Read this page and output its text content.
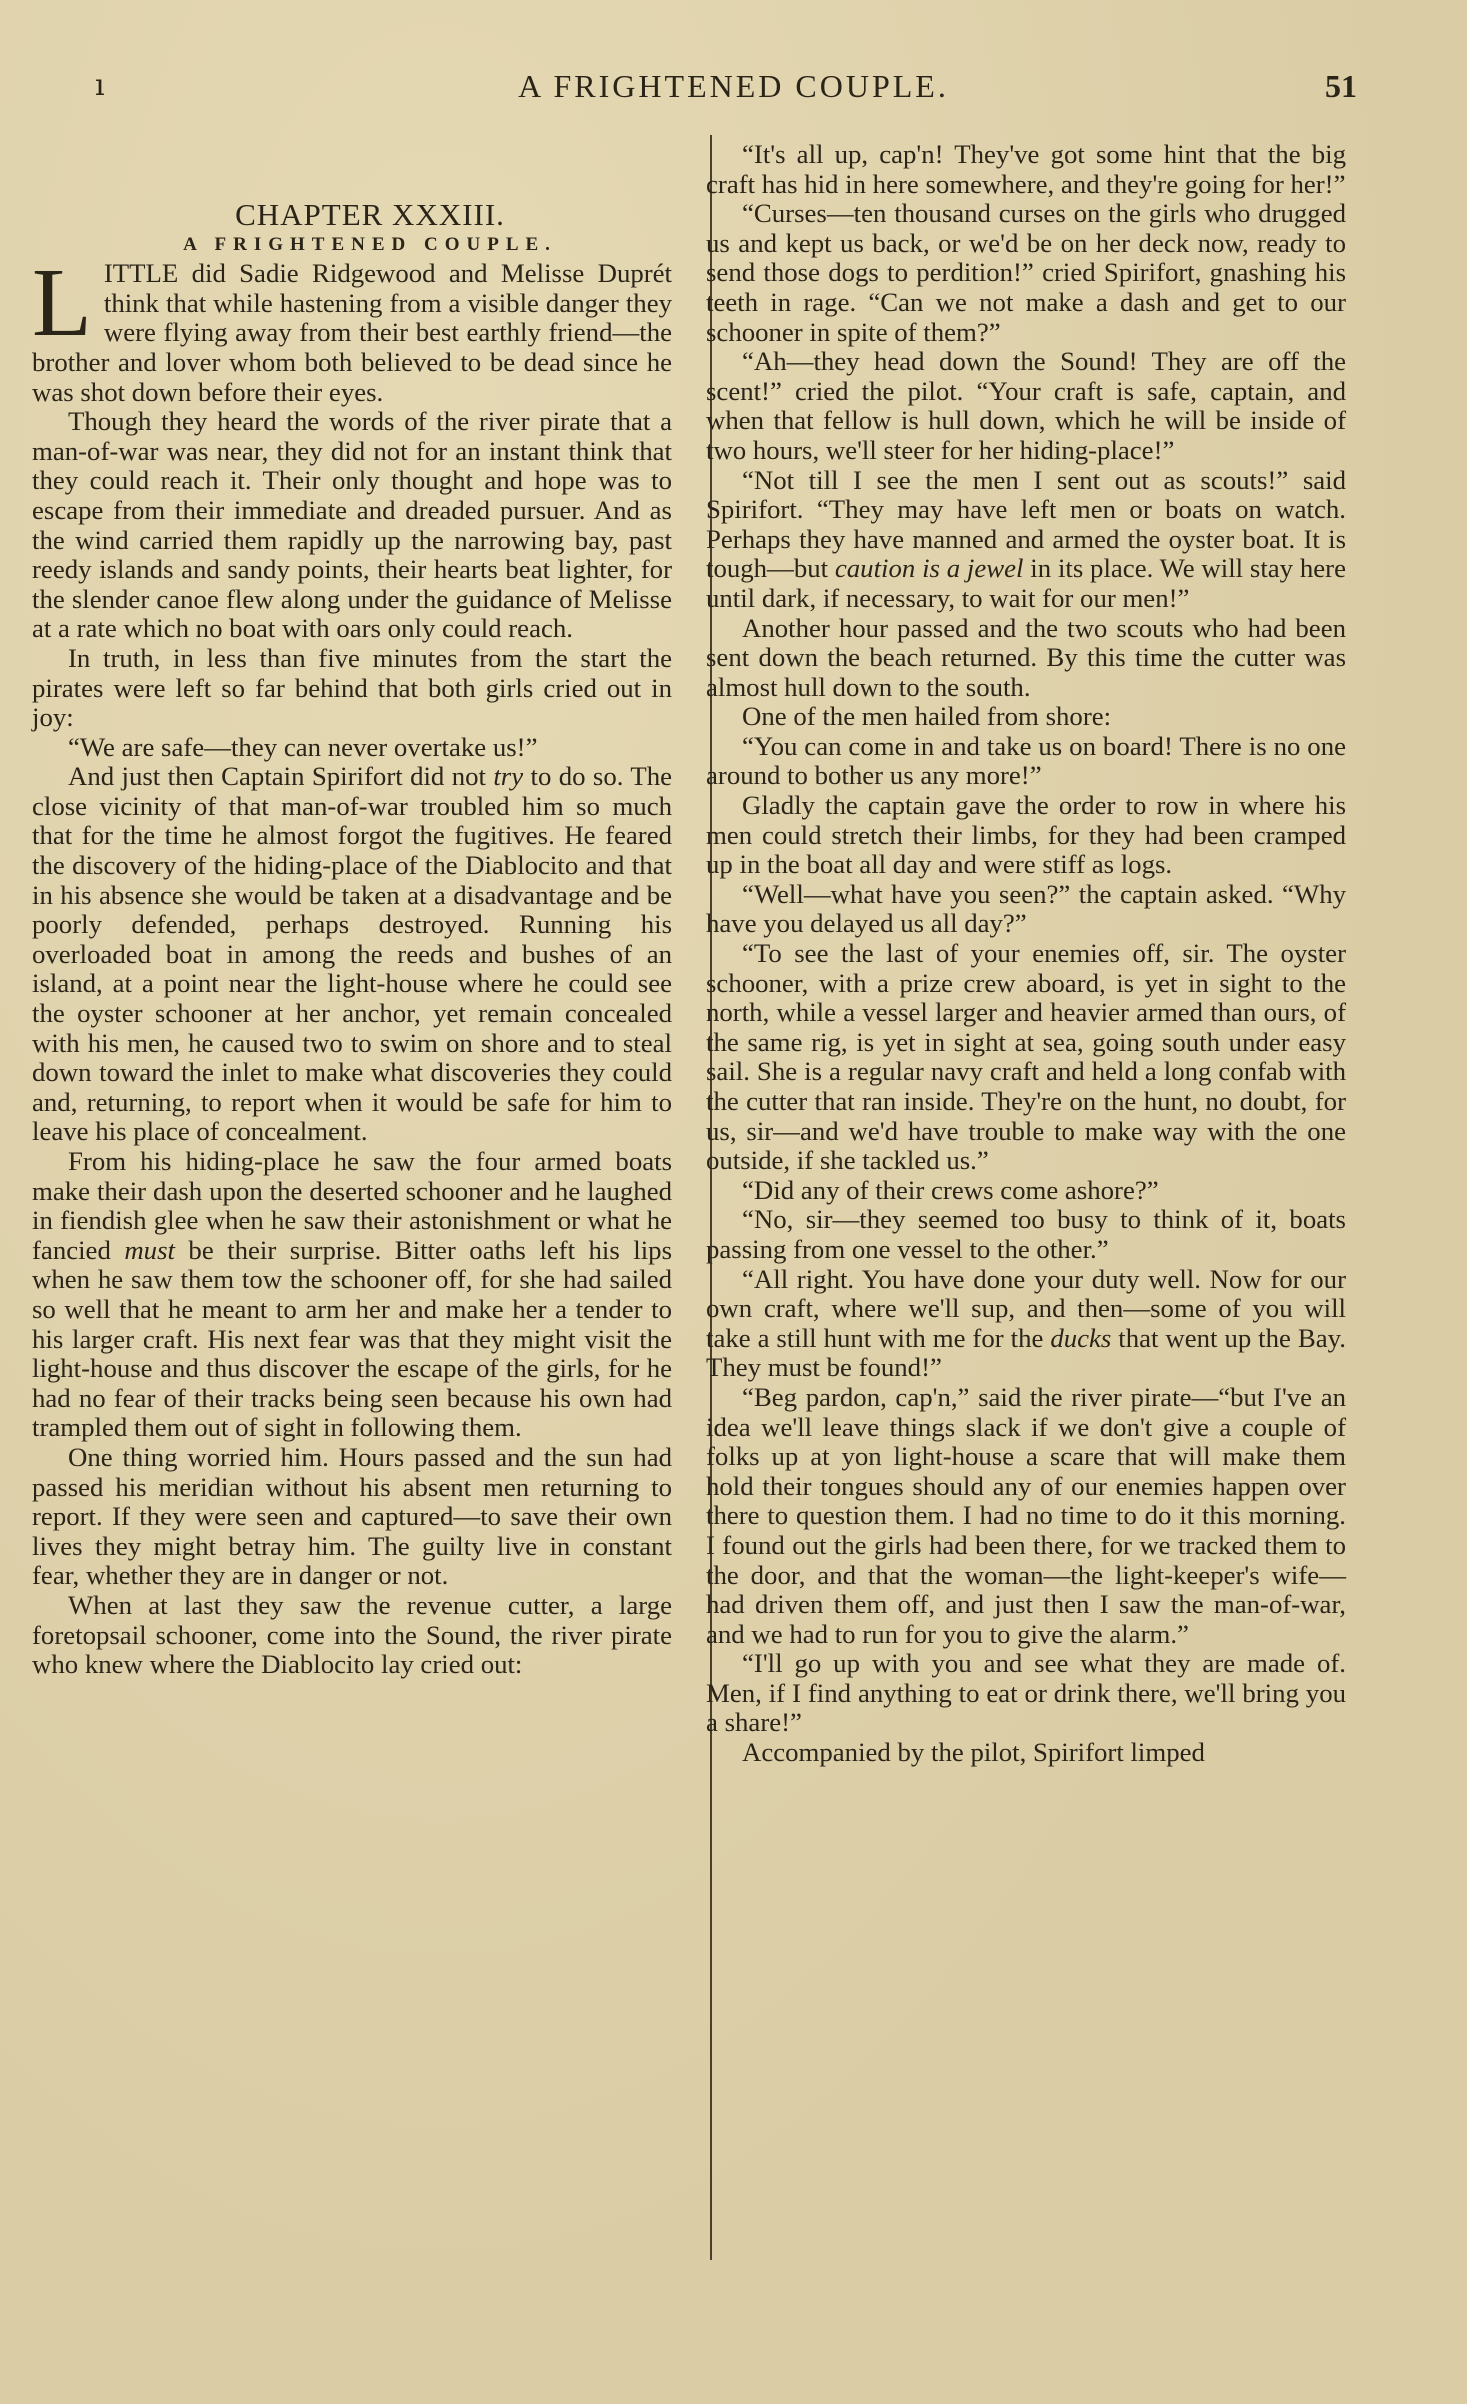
ı	A FRIGHTENED COUPLE.	51

CHAPTER XXXIII.

A FRIGHTENED COUPLE.

LITTLE did Sadie Ridgewood and Melisse Duprét think that while hastening from a visible danger they were flying away from their best earthly friend—the brother and lover whom both believed to be dead since he was shot down before their eyes.

Though they heard the words of the river pirate that a man-of-war was near, they did not for an instant think that they could reach it. Their only thought and hope was to escape from their immediate and dreaded pursuer. And as the wind carried them rapidly up the narrowing bay, past reedy islands and sandy points, their hearts beat lighter, for the slender canoe flew along under the guidance of Melisse at a rate which no boat with oars only could reach.

In truth, in less than five minutes from the start the pirates were left so far behind that both girls cried out in joy:

“We are safe—they can never overtake us!”

And just then Captain Spirifort did not try to do so. The close vicinity of that man-of-war troubled him so much that for the time he almost forgot the fugitives. He feared the discovery of the hiding-place of the Diablocito and that in his absence she would be taken at a disadvantage and be poorly defended, perhaps destroyed. Running his overloaded boat in among the reeds and bushes of an island, at a point near the light-house where he could see the oyster schooner at her anchor, yet remain concealed with his men, he caused two to swim on shore and to steal down toward the inlet to make what discoveries they could and, returning, to report when it would be safe for him to leave his place of concealment.

From his hiding-place he saw the four armed boats make their dash upon the deserted schooner and he laughed in fiendish glee when he saw their astonishment or what he fancied must be their surprise. Bitter oaths left his lips when he saw them tow the schooner off, for she had sailed so well that he meant to arm her and make her a tender to his larger craft. His next fear was that they might visit the light-house and thus discover the escape of the girls, for he had no fear of their tracks being seen because his own had trampled them out of sight in following them.

One thing worried him. Hours passed and the sun had passed his meridian without his absent men returning to report. If they were seen and captured—to save their own lives they might betray him. The guilty live in constant fear, whether they are in danger or not.

When at last they saw the revenue cutter, a large foretopsail schooner, come into the Sound, the river pirate who knew where the Diablocito lay cried out:

“It's all up, cap'n! They've got some hint that the big craft has hid in here somewhere, and they're going for her!”

“Curses—ten thousand curses on the girls who drugged us and kept us back, or we'd be on her deck now, ready to send those dogs to perdition!” cried Spirifort, gnashing his teeth in rage. “Can we not make a dash and get to our schooner in spite of them?”

“Ah—they head down the Sound! They are off the scent!” cried the pilot. “Your craft is safe, captain, and when that fellow is hull down, which he will be inside of two hours, we'll steer for her hiding-place!”

“Not till I see the men I sent out as scouts!” said Spirifort. “They may have left men or boats on watch. Perhaps they have manned and armed the oyster boat. It is tough—but caution is a jewel in its place. We will stay here until dark, if necessary, to wait for our men!”

Another hour passed and the two scouts who had been sent down the beach returned. By this time the cutter was almost hull down to the south.

One of the men hailed from shore:

“You can come in and take us on board! There is no one around to bother us any more!”

Gladly the captain gave the order to row in where his men could stretch their limbs, for they had been cramped up in the boat all day and were stiff as logs.

“Well—what have you seen?” the captain asked. “Why have you delayed us all day?”

“To see the last of your enemies off, sir. The oyster schooner, with a prize crew aboard, is yet in sight to the north, while a vessel larger and heavier armed than ours, of the same rig, is yet in sight at sea, going south under easy sail. She is a regular navy craft and held a long confab with the cutter that ran inside. They're on the hunt, no doubt, for us, sir—and we'd have trouble to make way with the one outside, if she tackled us.”

“Did any of their crews come ashore?”

“No, sir—they seemed too busy to think of it, boats passing from one vessel to the other.”

“All right. You have done your duty well. Now for our own craft, where we'll sup, and then—some of you will take a still hunt with me for the ducks that went up the Bay. They must be found!”

“Beg pardon, cap'n,” said the river pirate—“but I've an idea we'll leave things slack if we don't give a couple of folks up at yon light-house a scare that will make them hold their tongues should any of our enemies happen over there to question them. I had no time to do it this morning. I found out the girls had been there, for we tracked them to the door, and that the woman—the light-keeper's wife—had driven them off, and just then I saw the man-of-war, and we had to run for you to give the alarm.”

“I'll go up with you and see what they are made of. Men, if I find anything to eat or drink there, we'll bring you a share!”

Accompanied by the pilot, Spirifort limped
